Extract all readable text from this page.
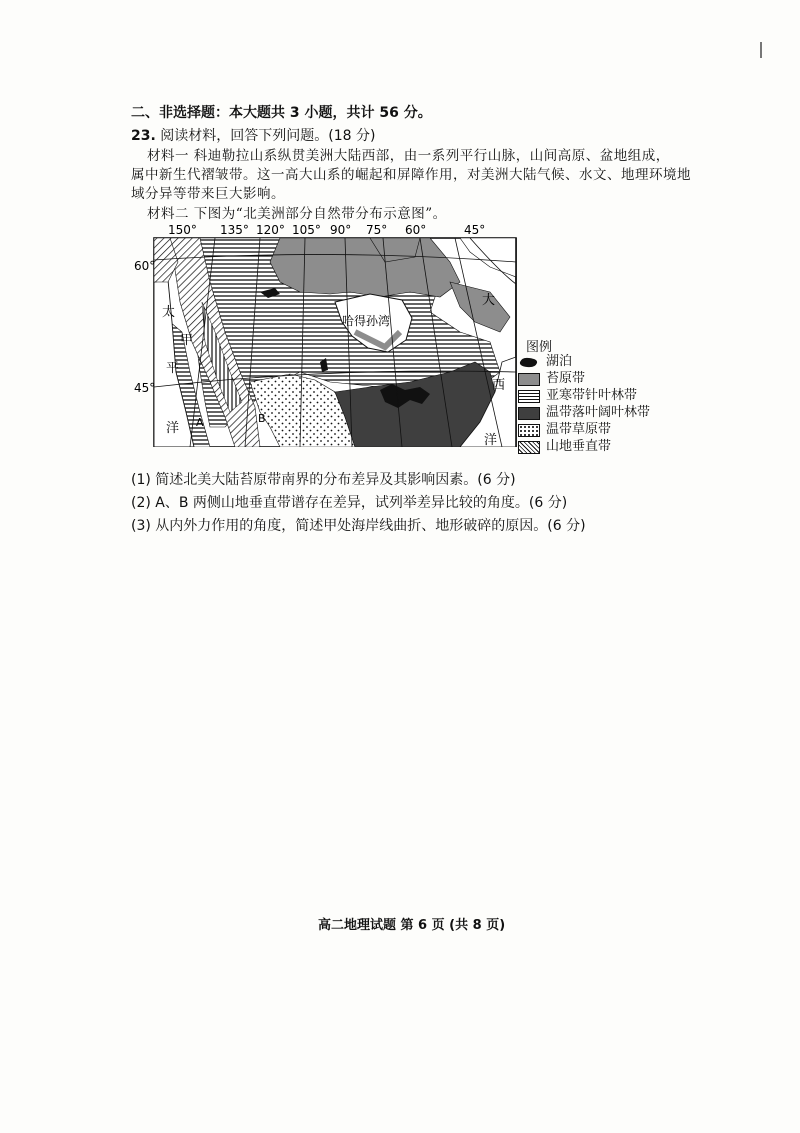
二、非选择题：本大题共 3 小题，共计 56 分。
23. 阅读材料，回答下列问题。(18 分)
材料一 科迪勒拉山系纵贯美洲大陆西部，由一系列平行山脉，山间高原、盆地组成，
属中新生代褶皱带。这一高大山系的崛起和屏障作用，对美洲大陆气候、水文、地理环境地
域分异等带来巨大影响。
材料二 下图为“北美洲部分自然带分布示意图”。
150° 135° 120° 105° 90° 75° 60°	45°
60°
45°
太
甲
平
洋 A	B
哈得孙湾
大
西
洋
图例
湖泊
苔原带
亚寒带针叶林带
温带落叶阔叶林带
温带草原带
山地垂直带
(1) 简述北美大陆苔原带南界的分布差异及其影响因素。(6 分)
(2) A、B 两侧山地垂直带谱存在差异，试列举差异比较的角度。(6 分)
(3) 从内外力作用的角度，简述甲处海岸线曲折、地形破碎的原因。(6 分)
高二地理试题 第 6 页 (共 8 页)
